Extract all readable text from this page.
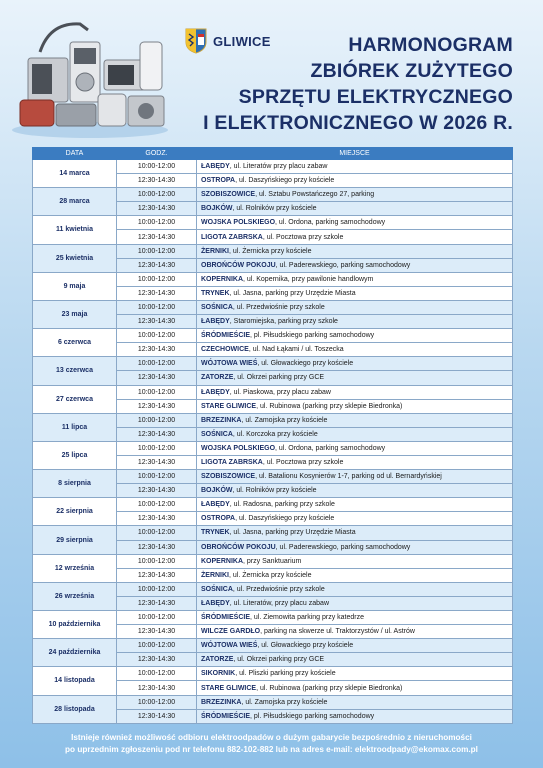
GLIWICE	HARMONOGRAM
ZBIÓREK ZUŻYTEGO
SPRZĘTU ELEKTRYCZNEGO
I ELEKTRONICZNEGO W 2026 R.
DATA	GODZ.	MIEJSCE
14 marca	10:00-12:00	ŁABĘDY, ul. Literatów przy placu zabaw
	12:30-14:30	OSTROPA, ul. Daszyńskiego przy kościele
28 marca	10:00-12:00	SZOBISZOWICE, ul. Sztabu Powstańczego 27, parking
	12:30-14:30	BOJKÓW, ul. Rolników przy kościele
11 kwietnia	10:00-12:00	WOJSKA POLSKIEGO, ul. Ordona, parking samochodowy
	12:30-14:30	LIGOTA ZABRSKA, ul. Pocztowa przy szkole
25 kwietnia	10:00-12:00	ŻERNIKI, ul. Żernicka przy kościele
	12:30-14:30	OBROŃCÓW POKOJU, ul. Paderewskiego, parking samochodowy
9 maja	10:00-12:00	KOPERNIKA, ul. Kopernika, przy pawilonie handlowym
	12:30-14:30	TRYNEK, ul. Jasna, parking przy Urzędzie Miasta
23 maja	10:00-12:00	SOŚNICA, ul. Przedwiośnie przy szkole
	12:30-14:30	ŁABĘDY, Staromiejska, parking przy szkole
6 czerwca	10:00-12:00	ŚRÓDMIEŚCIE, pl. Piłsudskiego parking samochodowy
	12:30-14:30	CZECHOWICE, ul. Nad Łąkami / ul. Toszecka
13 czerwca	10:00-12:00	WÓJTOWA WIEŚ, ul. Głowackiego przy kościele
	12:30-14:30	ZATORZE, ul. Okrzei parking przy GCE
27 czerwca	10:00-12:00	ŁABĘDY, ul. Piaskowa, przy placu zabaw
	12:30-14:30	STARE GLIWICE, ul. Rubinowa (parking przy sklepie Biedronka)
11 lipca	10:00-12:00	BRZEZINKA, ul. Zamojska przy kościele
	12:30-14:30	SOŚNICA, ul. Korczoka przy kościele
25 lipca	10:00-12:00	WOJSKA POLSKIEGO, ul. Ordona, parking samochodowy
	12:30-14:30	LIGOTA ZABRSKA, ul. Pocztowa przy szkole
8 sierpnia	10:00-12:00	SZOBISZOWICE, ul. Batalionu Kosynierów 1-7, parking od ul. Bernardyńskiej
	12:30-14:30	BOJKÓW, ul. Rolników przy kościele
22 sierpnia	10:00-12:00	ŁABĘDY, ul. Radosna, parking przy szkole
	12:30-14:30	OSTROPA, ul. Daszyńskiego przy kościele
29 sierpnia	10:00-12:00	TRYNEK, ul. Jasna, parking przy Urzędzie Miasta
	12:30-14:30	OBROŃCÓW POKOJU, ul. Paderewskiego, parking samochodowy
12 września	10:00-12:00	KOPERNIKA, przy Sanktuarium
	12:30-14:30	ŻERNIKI, ul. Żernicka przy kościele
26 września	10:00-12:00	SOŚNICA, ul. Przedwiośnie przy szkole
	12:30-14:30	ŁABĘDY, ul. Literatów, przy placu zabaw
10 października	10:00-12:00	ŚRÓDMIEŚCIE, ul. Ziemowita parking przy katedrze
	12:30-14:30	WILCZE GARDŁO, parking na skwerze ul. Traktorzystów / ul. Astrów
24 października	10:00-12:00	WÓJTOWA WIEŚ, ul. Głowackiego przy kościele
	12:30-14:30	ZATORZE, ul. Okrzei parking przy GCE
14 listopada	10:00-12:00	SIKORNIK, ul. Pliszki parking przy kościele
	12:30-14:30	STARE GLIWICE, ul. Rubinowa (parking przy sklepie Biedronka)
28 listopada	10:00-12:00	BRZEZINKA, ul. Zamojska przy kościele
	12:30-14:30	ŚRÓDMIEŚCIE, pl. Piłsudskiego parking samochodowy
Istnieje również możliwość odbioru elektroodpadów o dużym gabarycie bezpośrednio z nieruchomości
po uprzednim zgłoszeniu pod nr telefonu 882-102-882 lub na adres e-mail: elektroodpady@ekomax.com.pl
